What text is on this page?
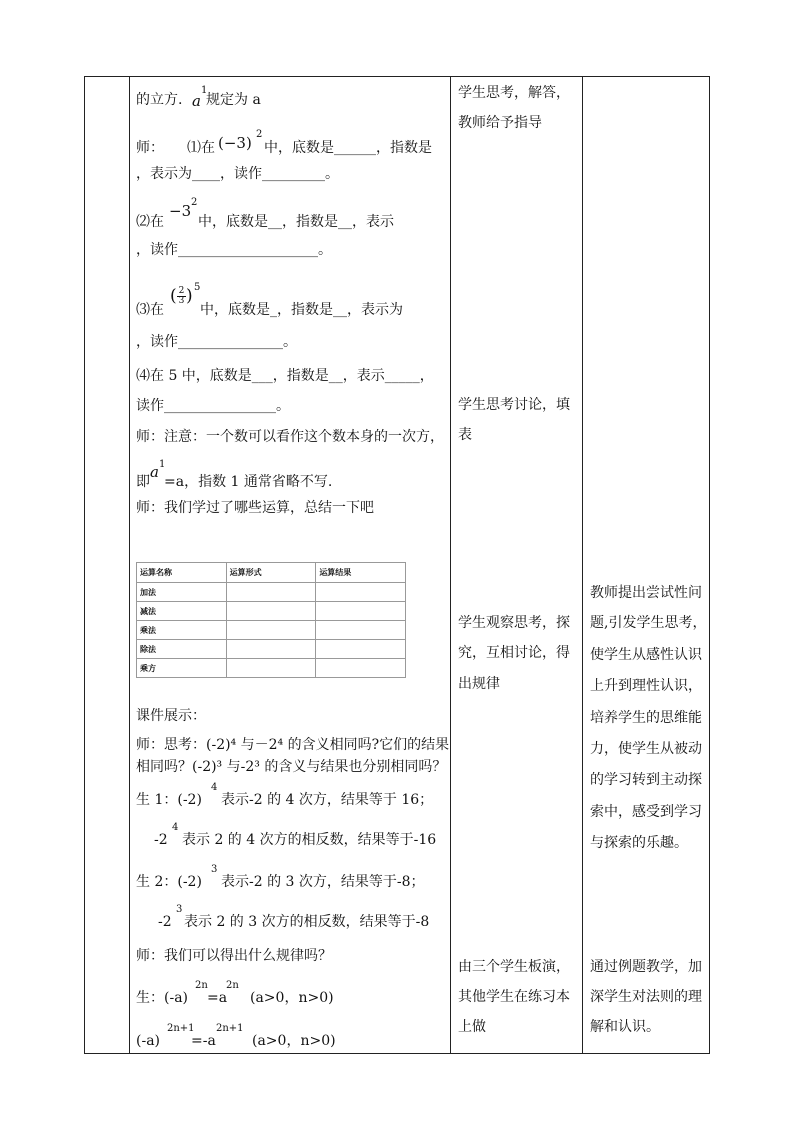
的立方. a
1
规定为 a
师： ⑴在 (−3) 2
中，底数是______，指数是
，表示为____，读作_________。
⑵在
−3 2
中，底数是__，指数是__，表示
，读作____________________。
⑶在
( 2
3 ) 5
中，底数是_，指数是__，表示为
，读作_______________。
⑷在 5 中，底数是___，指数是__，表示_____，
读作________________。
师：注意：一个数可以看作这个数本身的一次方，
即
a 1
=a，指数 1 通常省略不写.
师：我们学过了哪些运算，总结一下吧
课件展示：
师：思考：(-2)⁴ 与－2⁴ 的含义相同吗?它们的结果
相同吗？(-2)³ 与-2³ 的含义与结果也分别相同吗？
生 1：(-2)
4
表示-2 的 4 次方，结果等于 16；
-2
4
表示 2 的 4 次方的相反数，结果等于-16
生 2：(-2)
3
表示-2 的 3 次方，结果等于-8；
-2
3
表示 2 的 3 次方的相反数，结果等于-8
师：我们可以得出什么规律吗？
生：(-a)
2n
=a
2n
(a>0，n>0)
(-a)
2n+1
=-a
2n+1
(a>0，n>0)
运算名称	运算形式	运算结果
加法		
减法		
乘法		
除法		
乘方		
学生思考，解答，
教师给予指导
学生思考讨论，填
表
学生观察思考，探
究，互相讨论，得
出规律
由三个学生板演，
其他学生在练习本
上做
教师提出尝试性问
题,引发学生思考，
使学生从感性认识
上升到理性认识，
培养学生的思维能
力，使学生从被动
的学习转到主动探
索中，感受到学习
与探索的乐趣。
通过例题教学，加
深学生对法则的理
解和认识。
